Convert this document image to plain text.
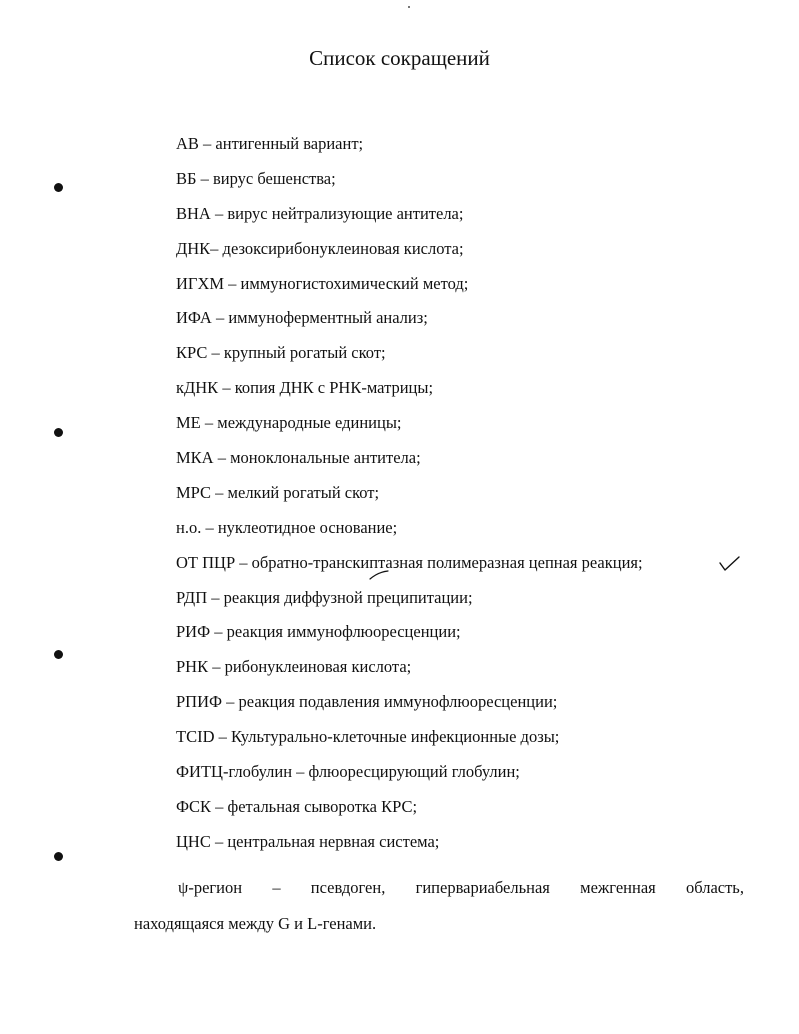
Список сокращений
АВ – антигенный вариант;
ВБ – вирус бешенства;
ВНА – вирус нейтрализующие антитела;
ДНК– дезоксирибонуклеиновая кислота;
ИГХМ – иммуногистохимический метод;
ИФА – иммуноферментный анализ;
КРС – крупный рогатый скот;
кДНК – копия ДНК с РНК-матрицы;
МЕ – международные единицы;
МКА – моноклональные антитела;
МРС – мелкий рогатый скот;
н.о. – нуклеотидное основание;
ОТ ПЦР – обратно-транскиптазная полимеразная цепная реакция;
РДП – реакция диффузной преципитации;
РИФ – реакция иммунофлюоресценции;
РНК – рибонуклеиновая кислота;
РПИФ – реакция подавления иммунофлюоресценции;
TCID – Культурально-клеточные инфекционные дозы;
ФИТЦ-глобулин – флюоресцирующий глобулин;
ФСК – фетальная сыворотка КРС;
ЦНС – центральная нервная система;
ψ-регион – псевдоген, гипервариабельная межгенная область,
находящаяся между G и L-генами.
